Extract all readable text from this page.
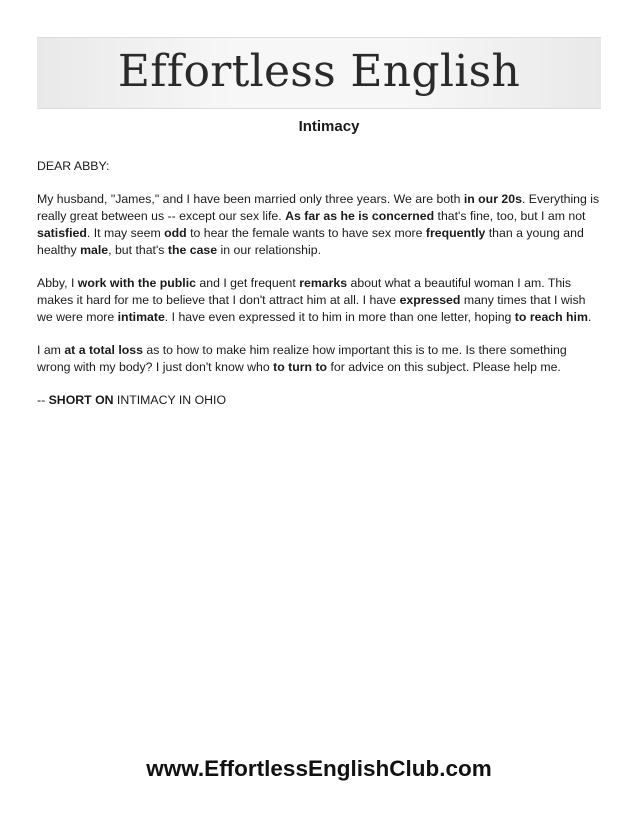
Effortless English
Intimacy

DEAR ABBY:

My husband, "James," and I have been married only three years. We are both in our 20s. Everything is really great between us -- except our sex life. As far as he is concerned that's fine, too, but I am not satisfied. It may seem odd to hear the female wants to have sex more frequently than a young and healthy male, but that's the case in our relationship.

Abby, I work with the public and I get frequent remarks about what a beautiful woman I am. This makes it hard for me to believe that I don't attract him at all. I have expressed many times that I wish we were more intimate. I have even expressed it to him in more than one letter, hoping to reach him.

I am at a total loss as to how to make him realize how important this is to me. Is there something wrong with my body? I just don't know who to turn to for advice on this subject. Please help me.

-- SHORT ON INTIMACY IN OHIO

www.EffortlessEnglishClub.com
